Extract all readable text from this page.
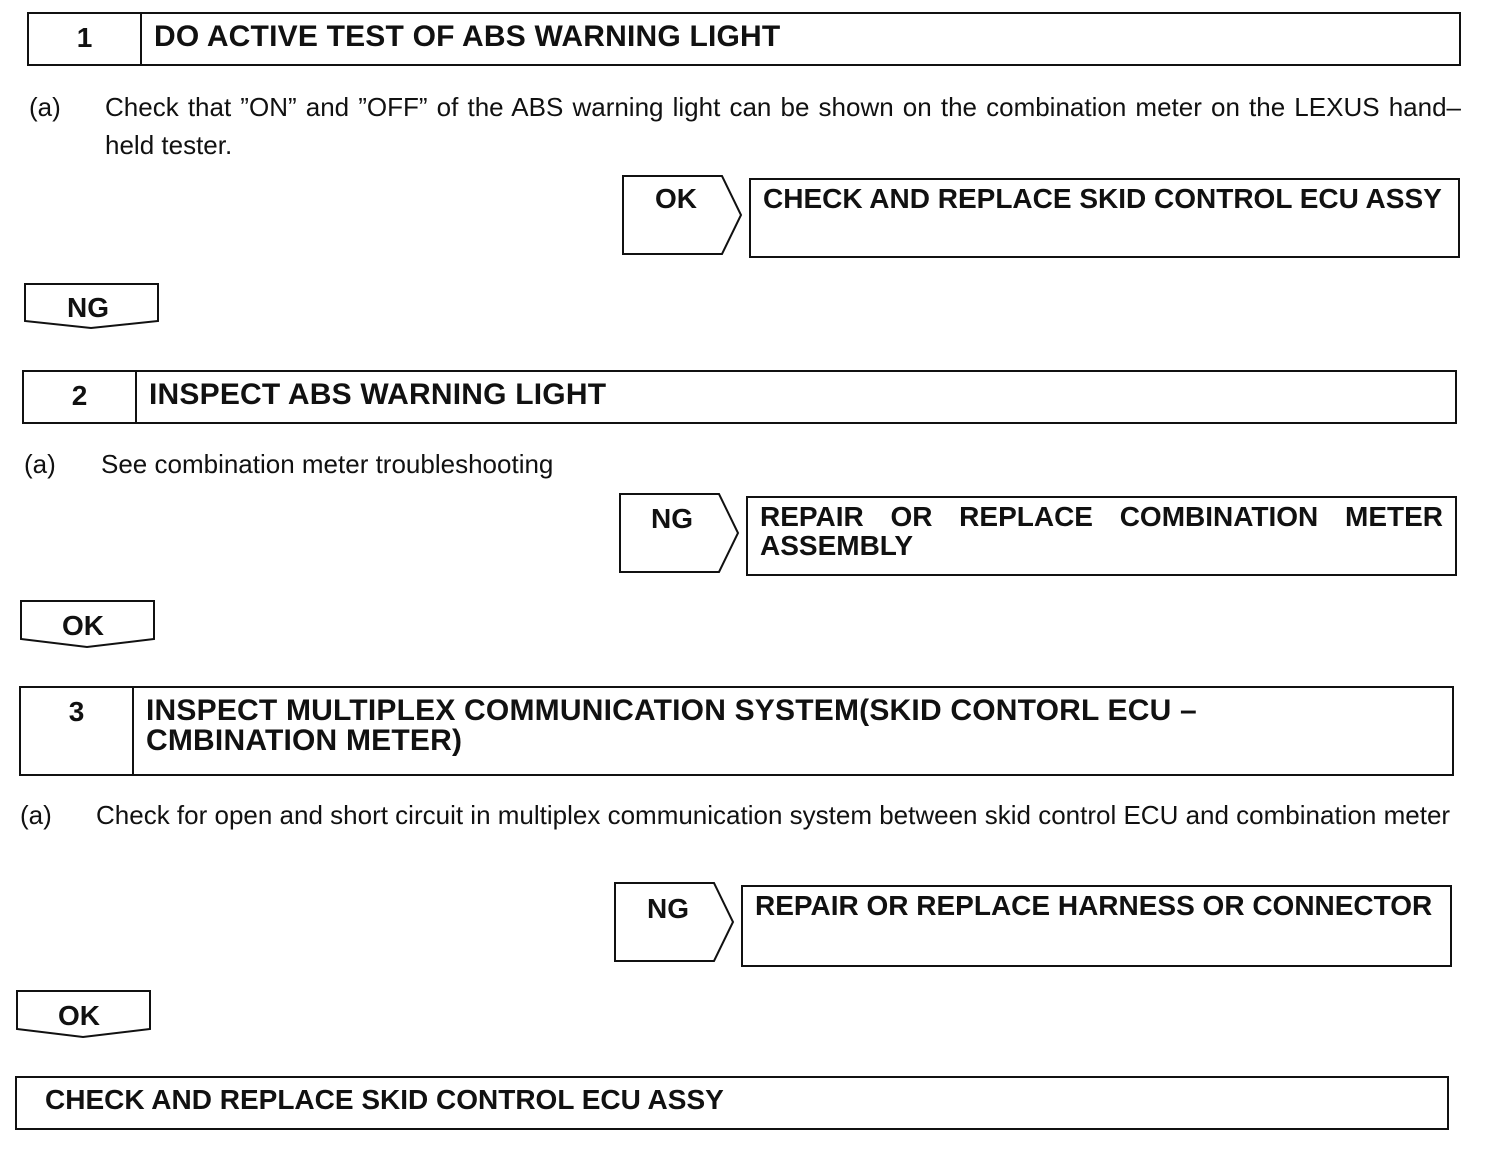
1	DO ACTIVE TEST OF ABS WARNING LIGHT
(a) Check that ”ON” and ”OFF” of the ABS warning light can be shown on the combination meter on the LEXUS hand–held tester.
OK	CHECK AND REPLACE SKID CONTROL ECU ASSY
NG
2	INSPECT ABS WARNING LIGHT
(a) See combination meter troubleshooting
NG	REPAIR OR REPLACE COMBINATION METER ASSEMBLY
OK
3	INSPECT MULTIPLEX COMMUNICATION SYSTEM(SKID CONTORL ECU – CMBINATION METER)
(a) Check for open and short circuit in multiplex communication system between skid control ECU and combination meter
NG	REPAIR OR REPLACE HARNESS OR CONNECTOR
OK
CHECK AND REPLACE SKID CONTROL ECU ASSY
